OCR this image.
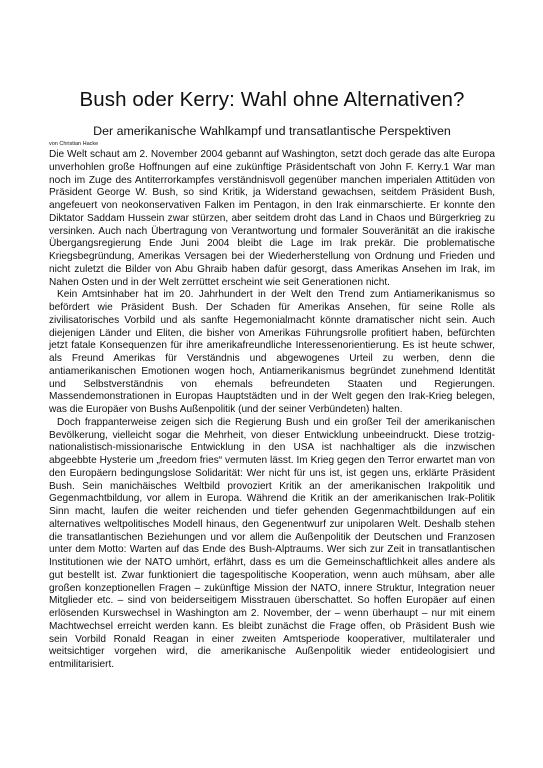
Bush oder Kerry: Wahl ohne Alternativen?
Der amerikanische Wahlkampf und transatlantische Perspektiven
von Christian Hacke

Die Welt schaut am 2. November 2004 gebannt auf Washington, setzt doch gerade das alte Europa unverhohlen große Hoffnungen auf eine zukünftige Präsidentschaft von John F. Kerry.1 War man noch im Zuge des Antiterrorkampfes verständnisvoll gegenüber manchen imperialen Attitüden von Präsident George W. Bush, so sind Kritik, ja Widerstand gewachsen, seitdem Präsident Bush, angefeuert von neokonservativen Falken im Pentagon, in den Irak einmarschierte. Er konnte den Diktator Saddam Hussein zwar stürzen, aber seitdem droht das Land in Chaos und Bürgerkrieg zu versinken. Auch nach Übertragung von Verantwortung und formaler Souveränität an die irakische Übergangsregierung Ende Juni 2004 bleibt die Lage im Irak prekär. Die problematische Kriegsbegründung, Amerikas Versagen bei der Wiederherstellung von Ordnung und Frieden und nicht zuletzt die Bilder von Abu Ghraib haben dafür gesorgt, dass Amerikas Ansehen im Irak, im Nahen Osten und in der Welt zerrüttet erscheint wie seit Generationen nicht.

Kein Amtsinhaber hat im 20. Jahrhundert in der Welt den Trend zum Antiamerikanismus so befördert wie Präsident Bush. Der Schaden für Amerikas Ansehen, für seine Rolle als zivilisatorisches Vorbild und als sanfte Hegemonialmacht könnte dramatischer nicht sein. Auch diejenigen Länder und Eliten, die bisher von Amerikas Führungsrolle profitiert haben, befürchten jetzt fatale Konsequenzen für ihre amerikafreundliche Interessenorientierung. Es ist heute schwer, als Freund Amerikas für Verständnis und abgewogenes Urteil zu werben, denn die antiamerikanischen Emotionen wogen hoch, Antiamerikanismus begründet zunehmend Identität und Selbstverständnis von ehemals befreundeten Staaten und Regierungen. Massendemonstrationen in Europas Hauptstädten und in der Welt gegen den Irak-Krieg belegen, was die Europäer von Bushs Außenpolitik (und der seiner Verbündeten) halten.

Doch frappanterweise zeigen sich die Regierung Bush und ein großer Teil der amerikanischen Bevölkerung, vielleicht sogar die Mehrheit, von dieser Entwicklung unbeeindruckt. Diese trotzig-nationalistisch-missionarische Entwicklung in den USA ist nachhaltiger als die inzwischen abgeebbte Hysterie um „freedom fries“ vermuten lässt. Im Krieg gegen den Terror erwartet man von den Europäern bedingungslose Solidarität: Wer nicht für uns ist, ist gegen uns, erklärte Präsident Bush. Sein manichäisches Weltbild provoziert Kritik an der amerikanischen Irakpolitik und Gegenmachtbildung, vor allem in Europa. Während die Kritik an der amerikanischen Irak-Politik Sinn macht, laufen die weiter reichenden und tiefer gehenden Gegenmachtbildungen auf ein alternatives weltpolitisches Modell hinaus, den Gegenentwurf zur unipolaren Welt. Deshalb stehen die transatlantischen Beziehungen und vor allem die Außenpolitik der Deutschen und Franzosen unter dem Motto: Warten auf das Ende des Bush-Alptraums. Wer sich zur Zeit in transatlantischen Institutionen wie der NATO umhört, erfährt, dass es um die Gemeinschaftlichkeit alles andere als gut bestellt ist. Zwar funktioniert die tagespolitische Kooperation, wenn auch mühsam, aber alle großen konzeptionellen Fragen – zukünftige Mission der NATO, innere Struktur, Integration neuer Mitglieder etc. – sind von beiderseitigem Misstrauen überschattet. So hoffen Europäer auf einen erlösenden Kurswechsel in Washington am 2. November, der – wenn überhaupt – nur mit einem Machtwechsel erreicht werden kann. Es bleibt zunächst die Frage offen, ob Präsident Bush wie sein Vorbild Ronald Reagan in einer zweiten Amtsperiode kooperativer, multilateraler und weitsichtiger vorgehen wird, die amerikanische Außenpolitik wieder entideologisiert und entmilitarisiert.
